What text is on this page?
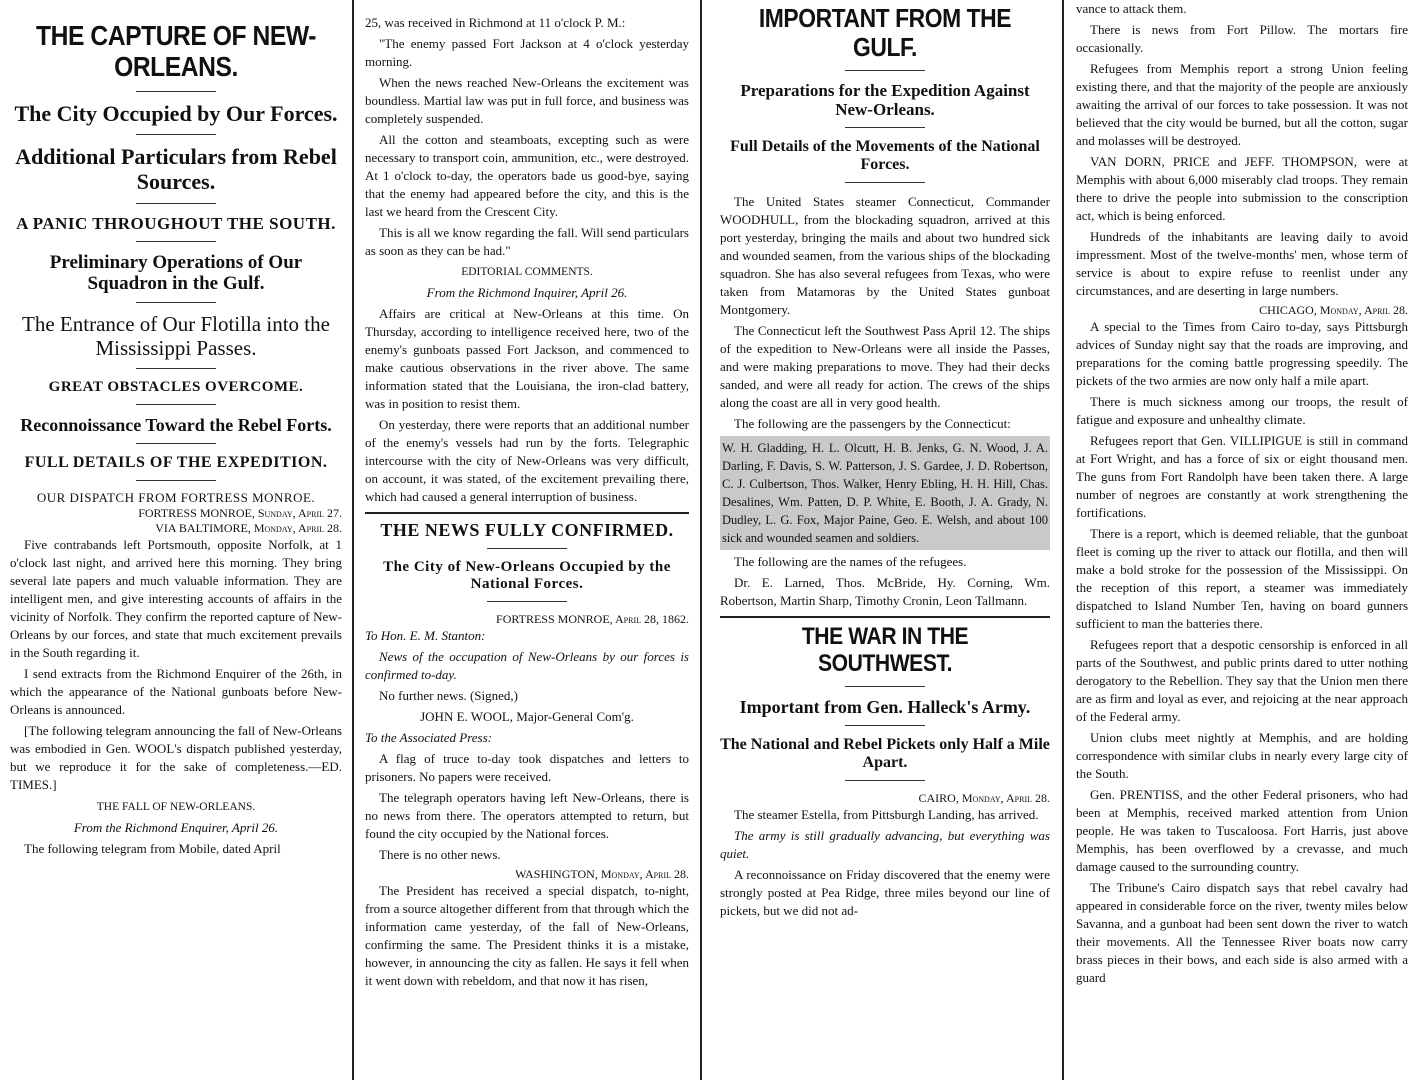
THE CAPTURE OF NEW-ORLEANS.
The City Occupied by Our Forces.
Additional Particulars from Rebel Sources.
A PANIC THROUGHOUT THE SOUTH.
Preliminary Operations of Our Squadron in the Gulf.
The Entrance of Our Flotilla into the Mississippi Passes.
GREAT OBSTACLES OVERCOME.
Reconnoissance Toward the Rebel Forts.
FULL DETAILS OF THE EXPEDITION.
OUR DISPATCH FROM FORTRESS MONROE.
FORTRESS MONROE, Sunday, April 27.
VIA BALTIMORE, Monday, April 28.

Five contrabands left Portsmouth, opposite Norfolk, at 1 o'clock last night, and arrived here this morning. They bring several late papers and much valuable information. They are intelligent men, and give interesting accounts of affairs in the vicinity of Norfolk. They confirm the reported capture of New-Orleans by our forces, and state that much excitement prevails in the South regarding it.

I send extracts from the Richmond Enquirer of the 26th, in which the appearance of the National gunboats before New-Orleans is announced.

[The following telegram announcing the fall of New-Orleans was embodied in Gen. WOOL's dispatch published yesterday, but we reproduce it for the sake of completeness.—ED. TIMES.]

THE FALL OF NEW-ORLEANS.

From the Richmond Enquirer, April 26.

The following telegram from Mobile, dated April

25, was received in Richmond at 11 o'clock P. M.:

"The enemy passed Fort Jackson at 4 o'clock yesterday morning.

When the news reached New-Orleans the excitement was boundless. Martial law was put in full force, and business was completely suspended.

All the cotton and steamboats, excepting such as were necessary to transport coin, ammunition, etc., were destroyed. At 1 o'clock to-day, the operators bade us good-bye, saying that the enemy had appeared before the city, and this is the last we heard from the Crescent City.

This is all we know regarding the fall. Will send particulars as soon as they can be had."

EDITORIAL COMMENTS.

From the Richmond Inquirer, April 26.

Affairs are critical at New-Orleans at this time. On Thursday, according to intelligence received here, two of the enemy's gunboats passed Fort Jackson, and commenced to make cautious observations in the river above. The same information stated that the Louisiana, the iron-clad battery, was in position to resist them.

On yesterday, there were reports that an additional number of the enemy's vessels had run by the forts. Telegraphic intercourse with the city of New-Orleans was very difficult, on account, it was stated, of the excitement prevailing there, which had caused a general interruption of business.

THE NEWS FULLY CONFIRMED.
The City of New-Orleans Occupied by the National Forces.
FORTRESS MONROE, April 28, 1862.

To Hon. E. M. Stanton:

News of the occupation of New-Orleans by our forces is confirmed to-day.

No further news. (Signed,)

JOHN E. WOOL, Major-General Com'g.

To the Associated Press:

A flag of truce to-day took dispatches and letters to prisoners. No papers were received.

The telegraph operators having left New-Orleans, there is no news from there. The operators attempted to return, but found the city occupied by the National forces.

There is no other news.

WASHINGTON, Monday, April 28.

The President has received a special dispatch, to-night, from a source altogether different from that through which the information came yesterday, of the fall of New-Orleans, confirming the same. The President thinks it is a mistake, however, in announcing the city as fallen. He says it fell when it went down with rebeldom, and that now it has risen,

IMPORTANT FROM THE GULF.
Preparations for the Expedition Against New-Orleans.
Full Details of the Movements of the National Forces.

The United States steamer Connecticut, Commander WOODHULL, from the blockading squadron, arrived at this port yesterday, bringing the mails and about two hundred sick and wounded seamen, from the various ships of the blockading squadron. She has also several refugees from Texas, who were taken from Matamoras by the United States gunboat Montgomery.

The Connecticut left the Southwest Pass April 12. The ships of the expedition to New-Orleans were all inside the Passes, and were making preparations to move. They had their decks sanded, and were all ready for action. The crews of the ships along the coast are all in very good health.

The following are the passengers by the Connecticut:

W. H. Gladding, H. L. Olcutt, H. B. Jenks, G. N. Wood, J. A. Darling, F. Davis, S. W. Patterson, J. S. Gardee, J. D. Robertson, C. J. Culbertson, Thos. Walker, Henry Ebling, H. H. Hill, Chas. Desalines, Wm. Patten, D. P. White, E. Booth, J. A. Grady, N. Dudley, L. G. Fox, Major Paine, Geo. E. Welsh, and about 100 sick and wounded seamen and soldiers.

The following are the names of the refugees.

Dr. E. Larned, Thos. McBride, Hy. Corning, Wm. Robertson, Martin Sharp, Timothy Cronin, Leon Tallmann.

THE WAR IN THE SOUTHWEST.
Important from Gen. Halleck's Army.
The National and Rebel Pickets only Half a Mile Apart.
CAIRO, Monday, April 28.

The steamer Estella, from Pittsburgh Landing, has arrived.

The army is still gradually advancing, but everything was quiet.

A reconnoissance on Friday discovered that the enemy were strongly posted at Pea Ridge, three miles beyond our line of pickets, but we did not ad-

vance to attack them.

There is news from Fort Pillow. The mortars fire occasionally.

Refugees from Memphis report a strong Union feeling existing there, and that the majority of the people are anxiously awaiting the arrival of our forces to take possession. It was not believed that the city would be burned, but all the cotton, sugar and molasses will be destroyed.

VAN DORN, PRICE and JEFF. THOMPSON, were at Memphis with about 6,000 miserably clad troops. They remain there to drive the people into submission to the conscription act, which is being enforced.

Hundreds of the inhabitants are leaving daily to avoid impressment. Most of the twelve-months' men, whose term of service is about to expire refuse to reenlist under any circumstances, and are deserting in large numbers.

CHICAGO, Monday, April 28.

A special to the Times from Cairo to-day, says Pittsburgh advices of Sunday night say that the roads are improving, and preparations for the coming battle progressing speedily. The pickets of the two armies are now only half a mile apart.

There is much sickness among our troops, the result of fatigue and exposure and unhealthy climate.

Refugees report that Gen. VILLIPIGUE is still in command at Fort Wright, and has a force of six or eight thousand men. The guns from Fort Randolph have been taken there. A large number of negroes are constantly at work strengthening the fortifications.

There is a report, which is deemed reliable, that the gunboat fleet is coming up the river to attack our flotilla, and then will make a bold stroke for the possession of the Mississippi. On the reception of this report, a steamer was immediately dispatched to Island Number Ten, having on board gunners sufficient to man the batteries there.

Refugees report that a despotic censorship is enforced in all parts of the Southwest, and public prints dared to utter nothing derogatory to the Rebellion. They say that the Union men there are as firm and loyal as ever, and rejoicing at the near approach of the Federal army.

Union clubs meet nightly at Memphis, and are holding correspondence with similar clubs in nearly every large city of the South.

Gen. PRENTISS, and the other Federal prisoners, who had been at Memphis, received marked attention from Union people. He was taken to Tuscaloosa. Fort Harris, just above Memphis, has been overflowed by a crevasse, and much damage caused to the surrounding country.

The Tribune's Cairo dispatch says that rebel cavalry had appeared in considerable force on the river, twenty miles below Savanna, and a gunboat had been sent down the river to watch their movements. All the Tennessee River boats now carry brass pieces in their bows, and each side is also armed with a guard
